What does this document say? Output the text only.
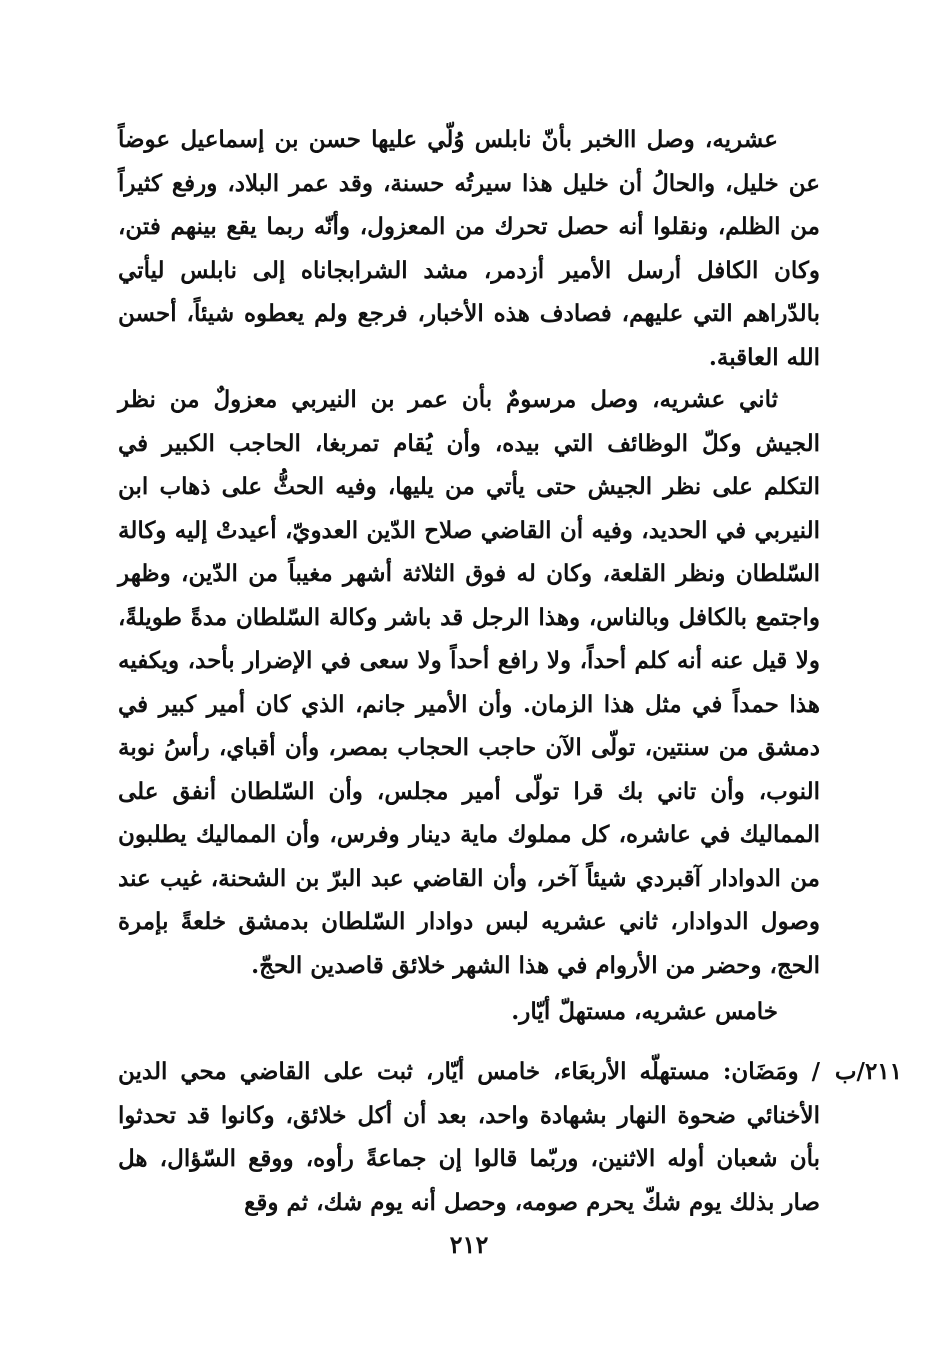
عشريه، وصل االخبر بأنّ نابلس وُلّي عليها حسن بن إسماعيل عوضاً عن خليل، والحالُ أن خليل هذا سيرتُه حسنة، وقد عمر البلاد، ورفع كثيراً من الظلم، ونقلوا أنه حصل تحرك من المعزول، وأنّه ربما يقع بينهم فتن، وكان الكافل أرسل الأمير أزدمر، مشد الشرابجاناه إلى نابلس ليأتي بالدّراهم التي عليهم، فصادف هذه الأخبار، فرجع ولم يعطوه شيئاً، أحسن الله العاقبة.

ثاني عشريه، وصل مرسومٌ بأن عمر بن النيربي معزولٌ من نظر الجيش وكلّ الوظائف التي بيده، وأن يُقام تمربغا، الحاجب الكبير في التكلم على نظر الجيش حتى يأتي من يليها، وفيه الحثُّ على ذهاب ابن النيربي في الحديد، وفيه أن القاضي صلاح الدّين العدويّ، أعيدتْ إليه وكالة السّلطان ونظر القلعة، وكان له فوق الثلاثة أشهر مغيباً من الدّين، وظهر واجتمع بالكافل وبالناس، وهذا الرجل قد باشر وكالة السّلطان مدةً طويلةً، ولا قيل عنه أنه كلم أحداً، ولا رافع أحداً ولا سعى في الإضرار بأحد، ويكفيه هذا حمداً في مثل هذا الزمان. وأن الأمير جانم، الذي كان أمير كبير في دمشق من سنتين، تولّى الآن حاجب الحجاب بمصر، وأن أقباي، رأسُ نوبة النوب، وأن تاني بك قرا تولّى أمير مجلس، وأن السّلطان أنفق على المماليك في عاشره، كل مملوك ماية دينار وفرس، وأن المماليك يطلبون من الدوادار آقبردي شيئاً آخر، وأن القاضي عبد البرّ بن الشحنة، غيب عند وصول الدوادار، ثاني عشريه لبس دوادار السّلطان بدمشق خلعةً بإمرة الحج، وحضر من الأروام في هذا الشهر خلائق قاصدين الحجّ.

خامس عشريه، مستهلّ أيّار.

٢١١/ب

/ ومَضَان: مستهلّه الأربعَاء، خامس أيّار، ثبت على القاضي محي الدين الأخنائي ضحوة النهار بشهادة واحد، بعد أن أكل خلائق، وكانوا قد تحدثوا بأن شعبان أوله الاثنين، وربّما قالوا إن جماعةً رأوه، ووقع السّؤال، هل صار بذلك يوم شكّ يحرم صومه، وحصل أنه يوم شك، ثم وقع

٢١٢
